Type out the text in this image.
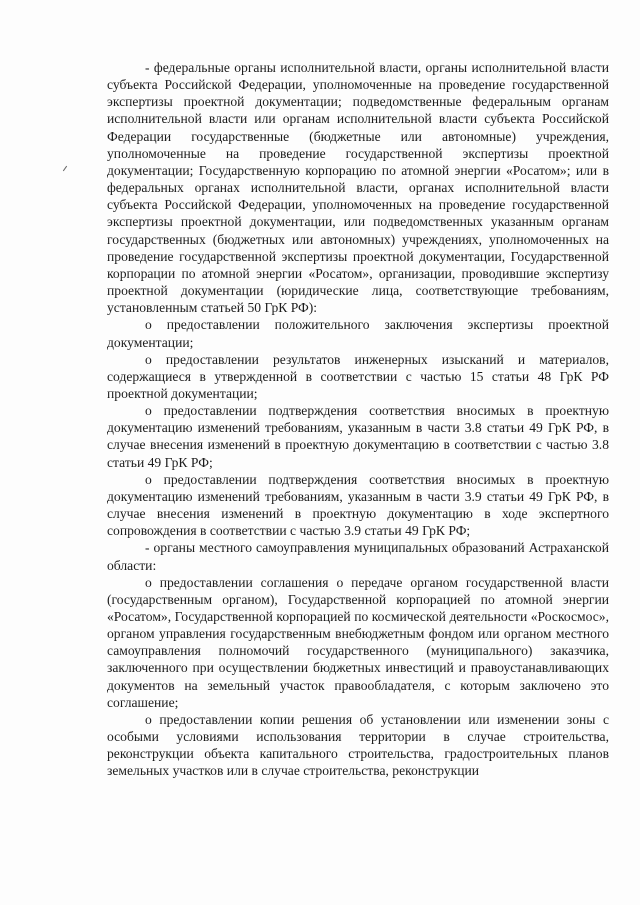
- федеральные органы исполнительной власти, органы исполнительной власти субъекта Российской Федерации, уполномоченные на проведение государственной экспертизы проектной документации; подведомственные федеральным органам исполнительной власти или органам исполнительной власти субъекта Российской Федерации государственные (бюджетные или автономные) учреждения, уполномоченные на проведение государственной экспертизы проектной документации; Государственную корпорацию по атомной энергии «Росатом»; или в федеральных органах исполнительной власти, органах исполнительной власти субъекта Российской Федерации, уполномоченных на проведение государственной экспертизы проектной документации, или подведомственных указанным органам государственных (бюджетных или автономных) учреждениях, уполномоченных на проведение государственной экспертизы проектной документации, Государственной корпорации по атомной энергии «Росатом», организации, проводившие экспертизу проектной документации (юридические лица, соответствующие требованиям, установленным статьей 50 ГрК РФ):

о предоставлении положительного заключения экспертизы проектной документации;

о предоставлении результатов инженерных изысканий и материалов, содержащиеся в утвержденной в соответствии с частью 15 статьи 48 ГрК РФ проектной документации;

о предоставлении подтверждения соответствия вносимых в проектную документацию изменений требованиям, указанным в части 3.8 статьи 49 ГрК РФ, в случае внесения изменений в проектную документацию в соответствии с частью 3.8 статьи 49 ГрК РФ;

о предоставлении подтверждения соответствия вносимых в проектную документацию изменений требованиям, указанным в части 3.9 статьи 49 ГрК РФ, в случае внесения изменений в проектную документацию в ходе экспертного сопровождения в соответствии с частью 3.9 статьи 49 ГрК РФ;

- органы местного самоуправления муниципальных образований Астраханской области:

о предоставлении соглашения о передаче органом государственной власти (государственным органом), Государственной корпорацией по атомной энергии «Росатом», Государственной корпорацией по космической деятельности «Роскосмос», органом управления государственным внебюджетным фондом или органом местного самоуправления полномочий государственного (муниципального) заказчика, заключенного при осуществлении бюджетных инвестиций и правоустанавливающих документов на земельный участок правообладателя, с которым заключено это соглашение;

о предоставлении копии решения об установлении или изменении зоны с особыми условиями использования территории в случае строительства, реконструкции объекта капитального строительства, градостроительных планов земельных участков или в случае строительства, реконструкции
